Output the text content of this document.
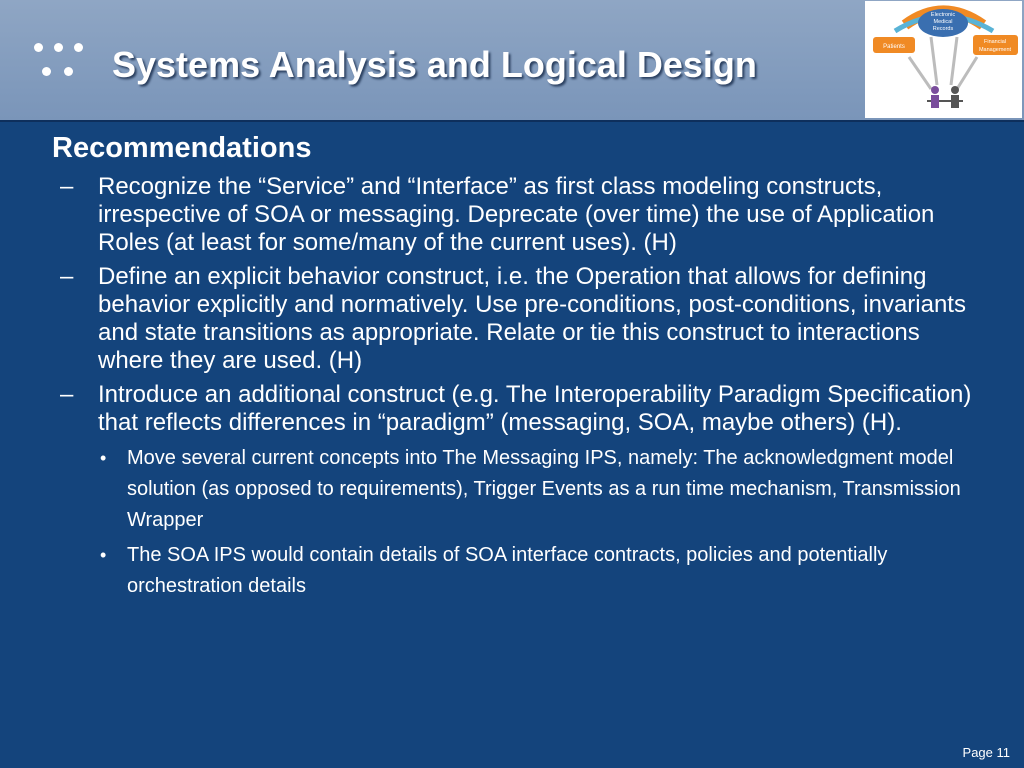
Systems Analysis and Logical Design
Electronic
Medical
Records
Patients
Financial
Management
Recommendations
– Recognize the “Service” and “Interface” as first class modeling constructs, irrespective of SOA or messaging. Deprecate (over time) the use of Application Roles (at least for some/many of the current uses). (H)
– Define an explicit behavior construct, i.e. the Operation that allows for defining behavior explicitly and normatively. Use pre-conditions, post-conditions, invariants and state transitions as appropriate. Relate or tie this construct to interactions where they are used. (H)
– Introduce an additional construct (e.g. The Interoperability Paradigm Specification) that reflects differences in “paradigm” (messaging, SOA, maybe others) (H).
• Move several current concepts into The Messaging IPS, namely: The acknowledgment model solution (as opposed to requirements), Trigger Events as a run time mechanism, Transmission Wrapper
• The SOA IPS would contain details of SOA interface contracts, policies and potentially orchestration details
Page 11
